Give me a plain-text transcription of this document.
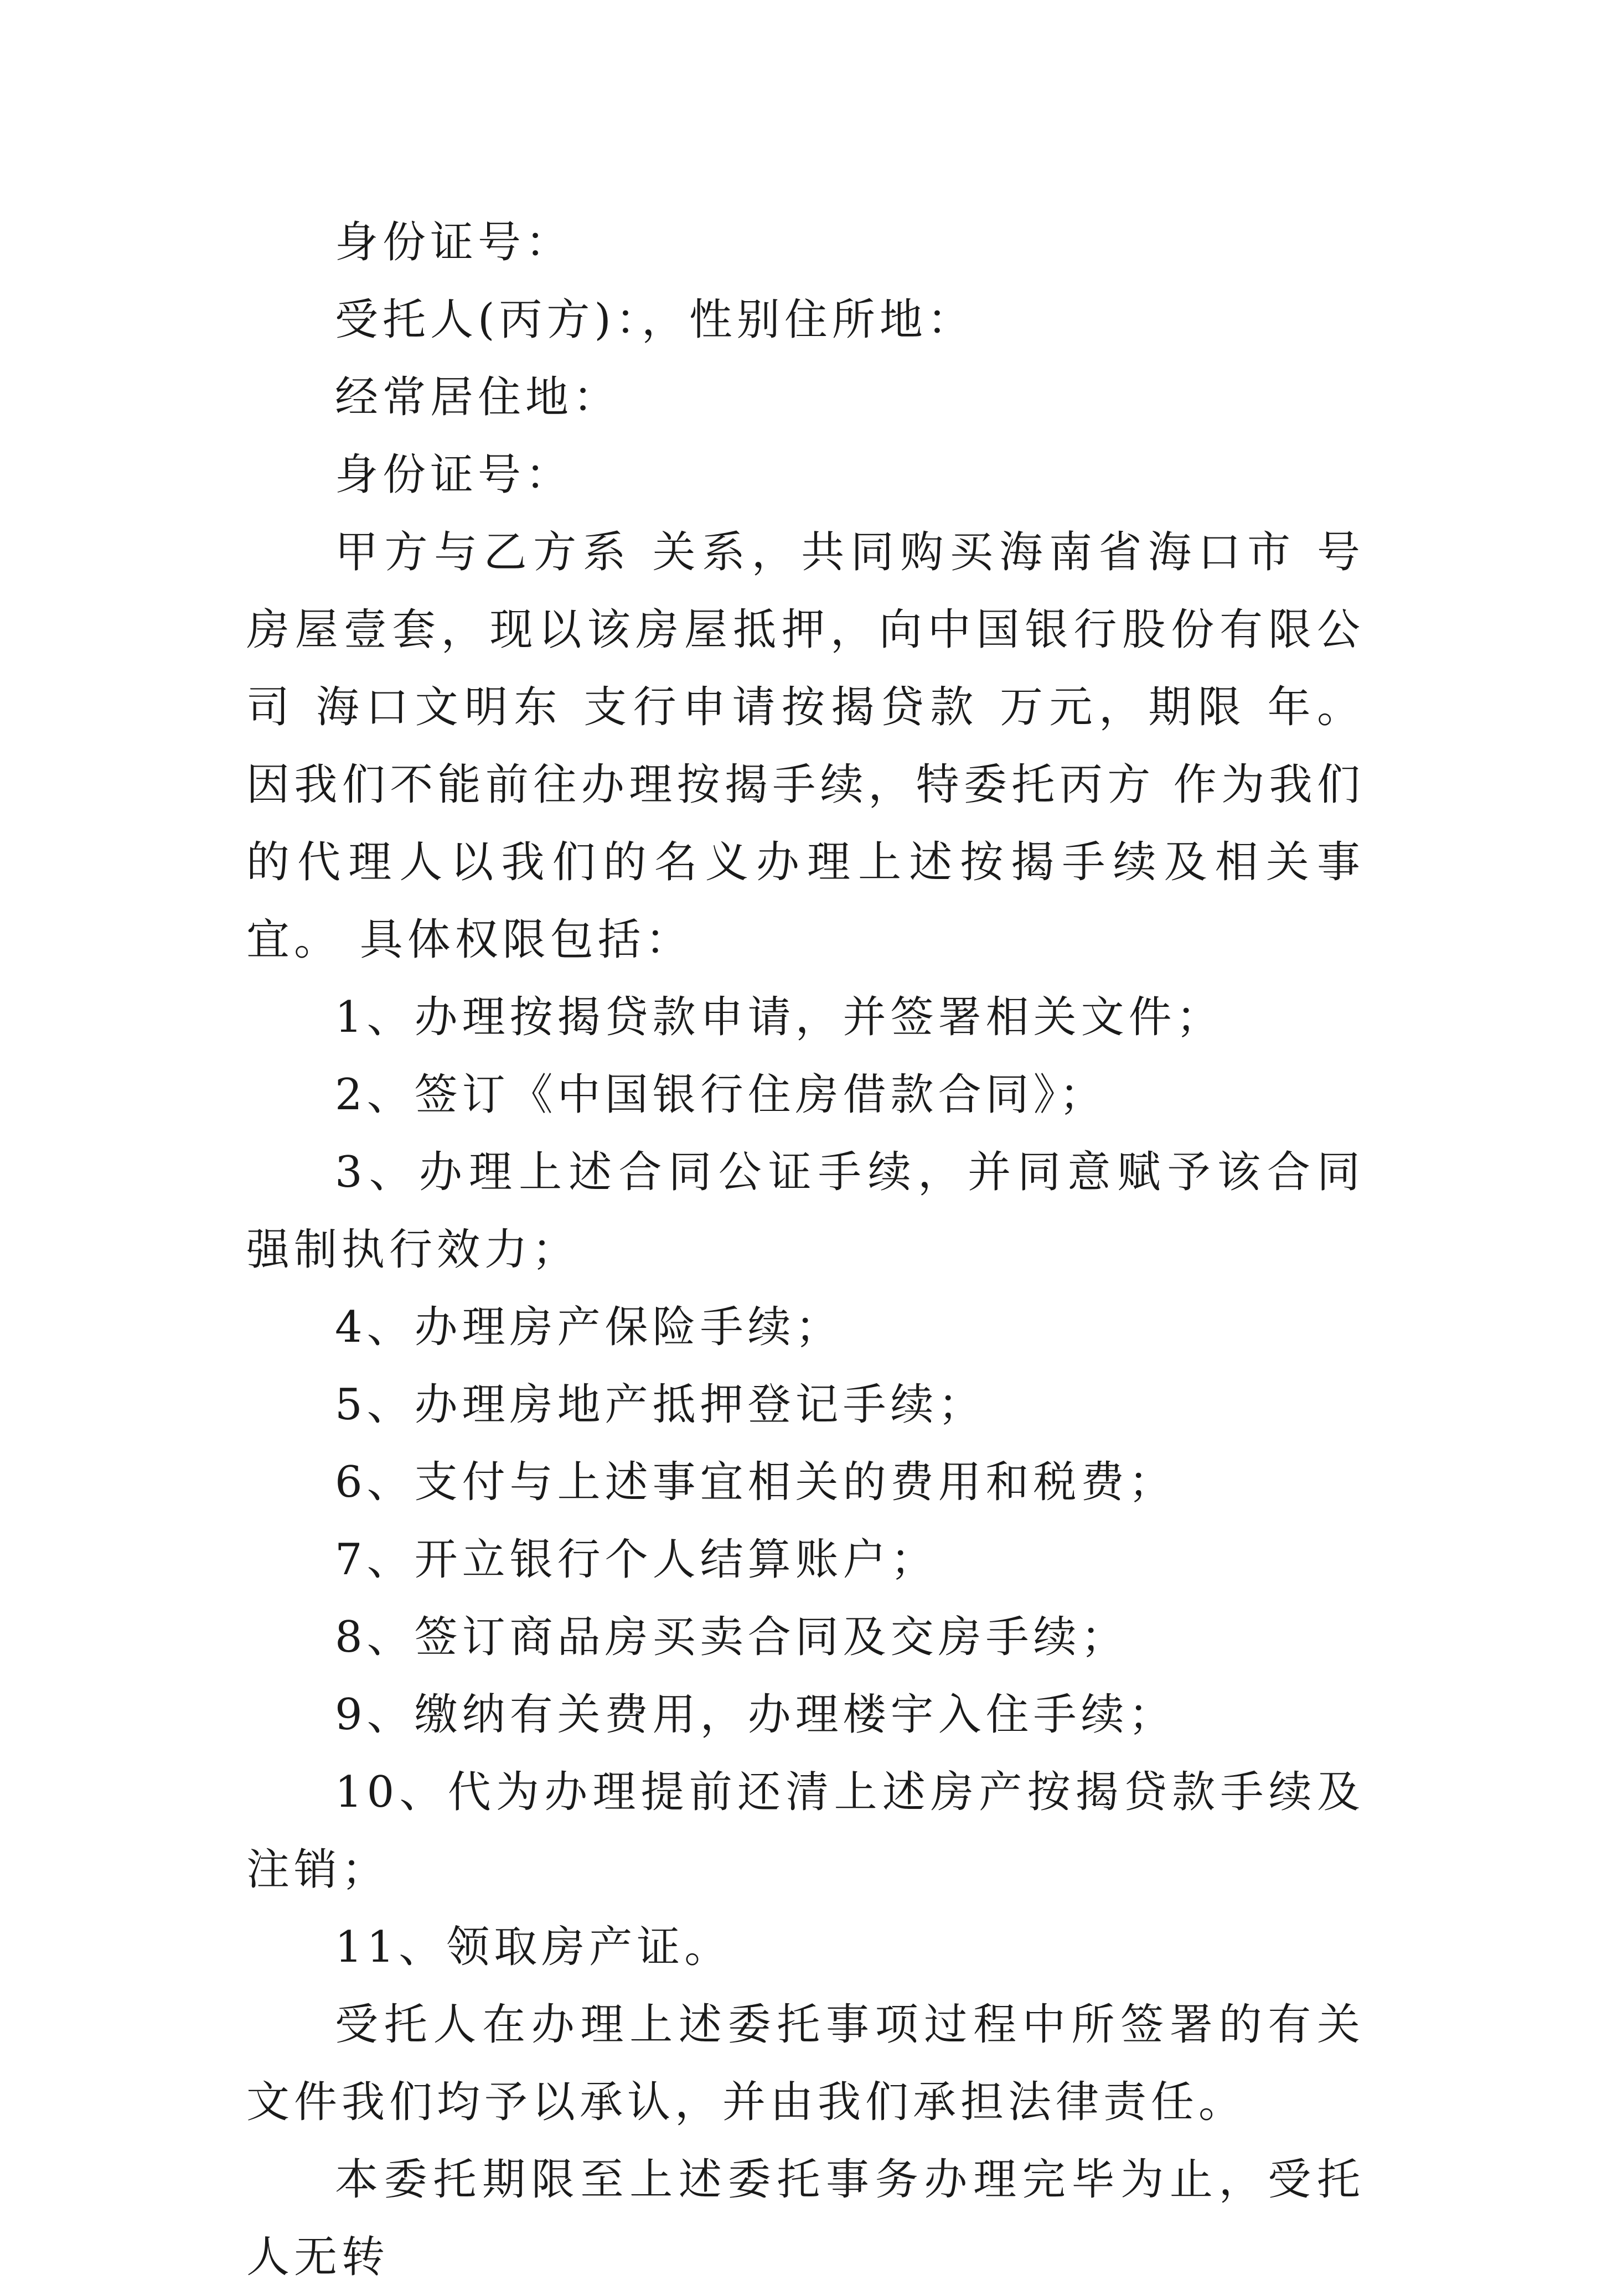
身份证号：

受托人(丙方)：，性别住所地：

经常居住地：

身份证号：

甲方与乙方系 关系，共同购买海南省海口市 号房屋壹套，现以该房屋抵押，向中国银行股份有限公司 海口文明东 支行申请按揭贷款 万元，期限 年。因我们不能前往办理按揭手续，特委托丙方 作为我们的代理人以我们的名义办理上述按揭手续及相关事宜。 具体权限包括：

1、办理按揭贷款申请，并签署相关文件；

2、签订《中国银行住房借款合同》；

3、办理上述合同公证手续，并同意赋予该合同强制执行效力；

4、办理房产保险手续；

5、办理房地产抵押登记手续；

6、支付与上述事宜相关的费用和税费；

7、开立银行个人结算账户；

8、签订商品房买卖合同及交房手续；

9、缴纳有关费用，办理楼宇入住手续；

10、代为办理提前还清上述房产按揭贷款手续及注销；

11、领取房产证。

受托人在办理上述委托事项过程中所签署的有关文件我们均予以承认，并由我们承担法律责任。

本委托期限至上述委托事务办理完毕为止，受托人无转
